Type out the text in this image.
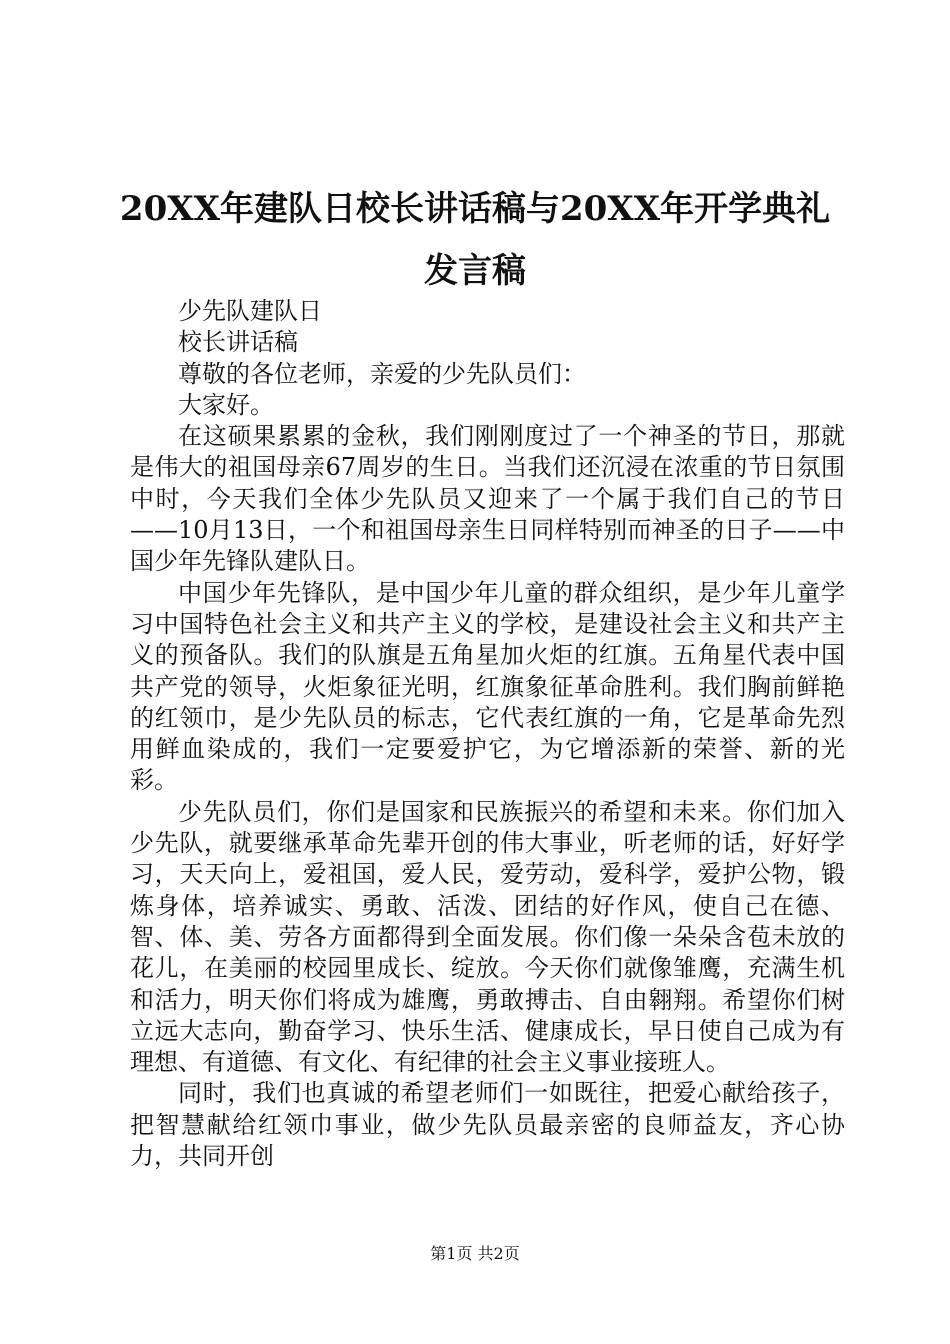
20XX年建队日校长讲话稿与20XX年开学典礼
发言稿

少先队建队日

校长讲话稿

尊敬的各位老师，亲爱的少先队员们：

大家好。

在这硕果累累的金秋，我们刚刚度过了一个神圣的节日，那就是伟大的祖国母亲67周岁的生日。当我们还沉浸在浓重的节日氛围中时，今天我们全体少先队员又迎来了一个属于我们自己的节日——10月13日，一个和祖国母亲生日同样特别而神圣的日子——中国少年先锋队建队日。

中国少年先锋队，是中国少年儿童的群众组织，是少年儿童学习中国特色社会主义和共产主义的学校，是建设社会主义和共产主义的预备队。我们的队旗是五角星加火炬的红旗。五角星代表中国共产党的领导，火炬象征光明，红旗象征革命胜利。我们胸前鲜艳的红领巾，是少先队员的标志，它代表红旗的一角，它是革命先烈用鲜血染成的，我们一定要爱护它，为它增添新的荣誉、新的光彩。

少先队员们，你们是国家和民族振兴的希望和未来。你们加入少先队，就要继承革命先辈开创的伟大事业，听老师的话，好好学习，天天向上，爱祖国，爱人民，爱劳动，爱科学，爱护公物，锻炼身体，培养诚实、勇敢、活泼、团结的好作风，使自己在德、智、体、美、劳各方面都得到全面发展。你们像一朵朵含苞未放的花儿，在美丽的校园里成长、绽放。今天你们就像雏鹰，充满生机和活力，明天你们将成为雄鹰，勇敢搏击、自由翱翔。希望你们树立远大志向，勤奋学习、快乐生活、健康成长，早日使自己成为有理想、有道德、有文化、有纪律的社会主义事业接班人。

同时，我们也真诚的希望老师们一如既往，把爱心献给孩子，把智慧献给红领巾事业，做少先队员最亲密的良师益友，齐心协力，共同开创

第1页 共2页
